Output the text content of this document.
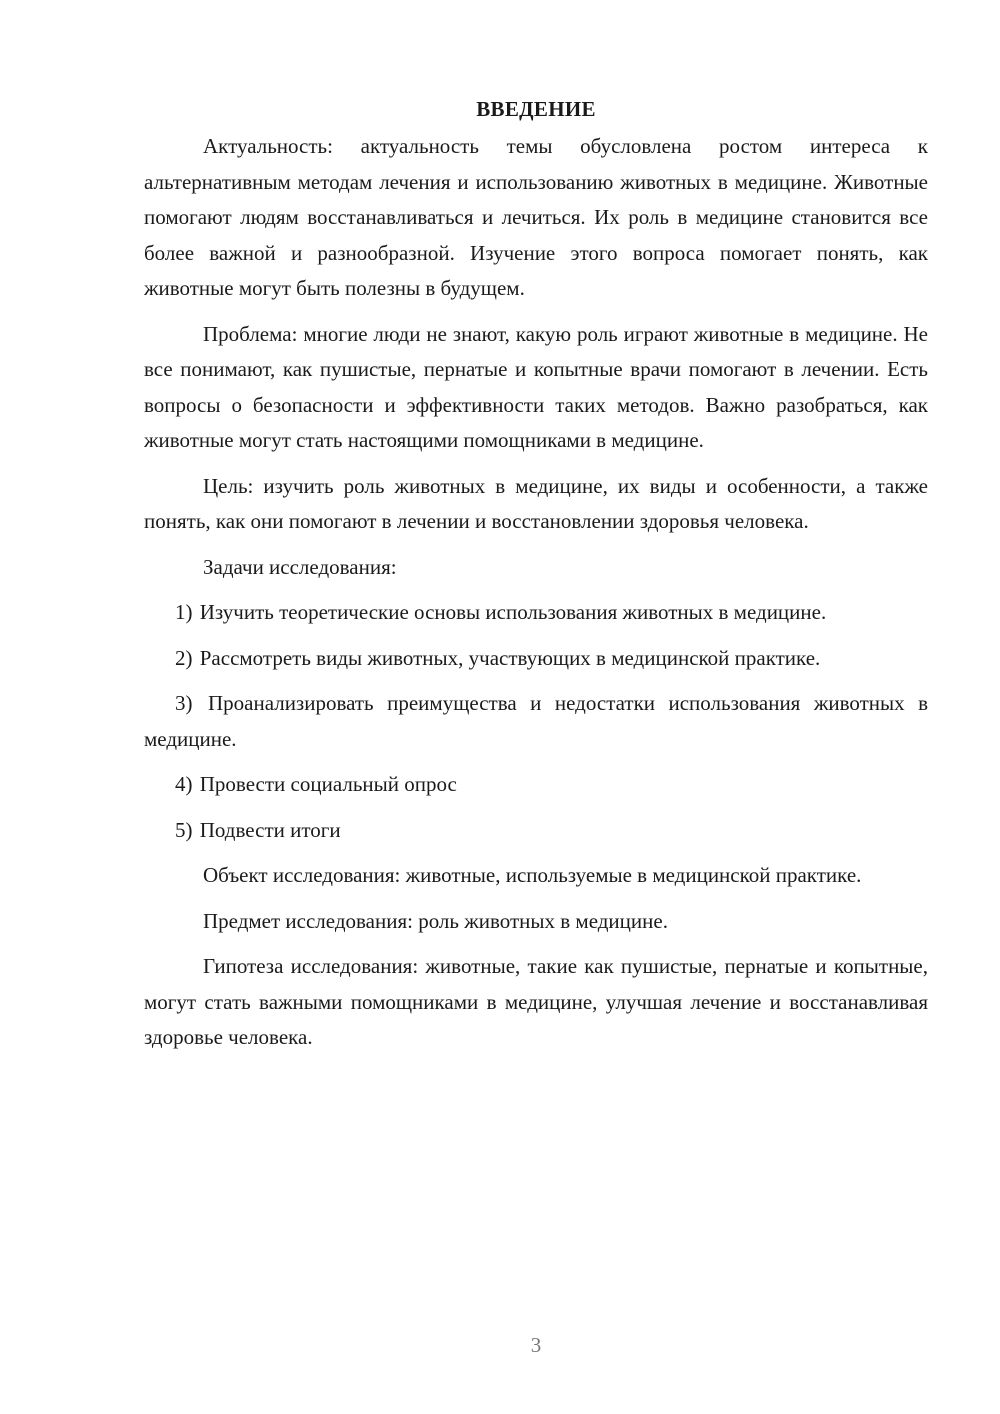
ВВЕДЕНИЕ

Актуальность: актуальность темы обусловлена ростом интереса к альтернативным методам лечения и использованию животных в медицине. Животные помогают людям восстанавливаться и лечиться. Их роль в медицине становится все более важной и разнообразной. Изучение этого вопроса помогает понять, как животные могут быть полезны в будущем.

Проблема: многие люди не знают, какую роль играют животные в медицине. Не все понимают, как пушистые, пернатые и копытные врачи помогают в лечении. Есть вопросы о безопасности и эффективности таких методов. Важно разобраться, как животные могут стать настоящими помощниками в медицине.

Цель: изучить роль животных в медицине, их виды и особенности, а также понять, как они помогают в лечении и восстановлении здоровья человека.

Задачи исследования:

1) Изучить теоретические основы использования животных в медицине.

2) Рассмотреть виды животных, участвующих в медицинской практике.

3) Проанализировать преимущества и недостатки использования животных в медицине.

4) Провести социальный опрос

5) Подвести итоги

Объект исследования: животные, используемые в медицинской практике.

Предмет исследования: роль животных в медицине.

Гипотеза исследования: животные, такие как пушистые, пернатые и копытные, могут стать важными помощниками в медицине, улучшая лечение и восстанавливая здоровье человека.

3
